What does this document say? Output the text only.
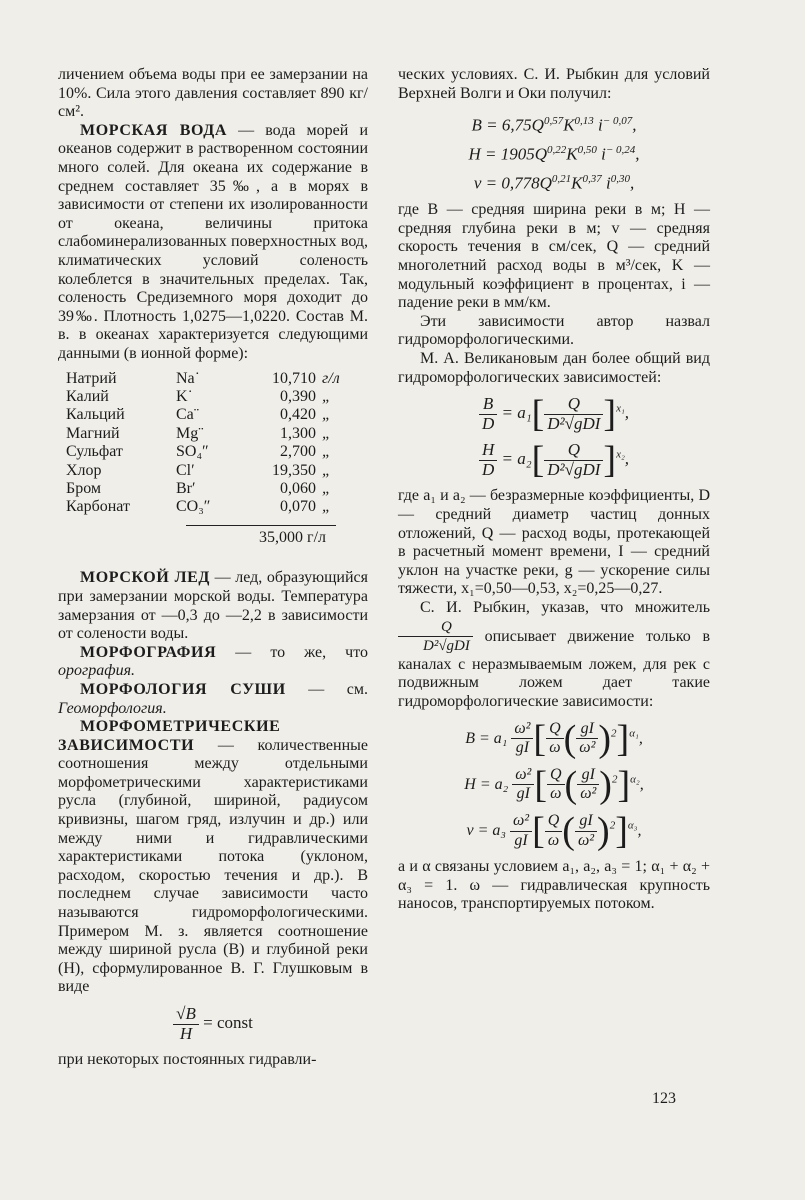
личением объема воды при ее замерзании на 10%. Сила этого давления составляет 890 кг/см².

МОРСКАЯ ВОДА — вода морей и океанов содержит в растворенном состоянии много солей. Для океана их содержание в среднем составляет 35‰, а в морях в зависимости от степени их изолированности от океана, величины притока слабоминерализованных поверхностных вод, климатических условий соленость колеблется в значительных пределах. Так, соленость Средиземного моря доходит до 39‰. Плотность 1,0275—1,0220. Состав М. в. в океанах характеризуется следующими данными (в ионной форме):

Натрий	Na˙	10,710	г/л
Калий	K˙	0,390	„
Кальций	Ca¨	0,420	„
Магний	Mg¨	1,300	„
Сульфат	SO₄″	2,700	„
Хлор	Cl′	19,350	„
Бром	Br′	0,060	„
Карбонат	CO₃″	0,070	„
35,000 г/л

МОРСКОЙ ЛЕД — лед, образующийся при замерзании морской воды. Температура замерзания от —0,3 до —2,2 в зависимости от солености воды.

МОРФОГРАФИЯ — то же, что орография.

МОРФОЛОГИЯ СУШИ — см. Геоморфология.

МОРФОМЕТРИЧЕСКИЕ ЗАВИСИМОСТИ — количественные соотношения между отдельными морфометрическими характеристиками русла (глубиной, шириной, радиусом кривизны, шагом гряд, излучин и др.) или между ними и гидравлическими характеристиками потока (уклоном, расходом, скоростью течения и др.). В последнем случае зависимости часто называются гидроморфологическими. Примером М. з. является соотношение между шириной русла (B) и глубиной реки (H), сформулированное В. Г. Глушковым в виде

$\frac{√B}{H}$ = const

при некоторых постоянных гидравли-

ческих условиях. С. И. Рыбкин для условий Верхней Волги и Оки получил:

$B = 6,75Q^{0,57}K^{0,13}$ $i^{- 0,07}$,
$H = 1905Q^{0,22}K^{0,50}$ $i^{- 0,24}$,
$v = 0,778Q^{0,21}K^{0,37}$ $i^{0,30}$,

где B — средняя ширина реки в м; H — средняя глубина реки в м; v — средняя скорость течения в см/сек, Q — средний многолетний расход воды в м³/сек, K — модульный коэффициент в процентах, i — падение реки в мм/км.

Эти зависимости автор назвал гидроморфологическими.

М. А. Великановым дан более общий вид гидроморфологических зависимостей:

$\frac{B}{D} = a_1[ \frac{Q}{\text{D²√gDI}} ]^{x_1}$,
$\frac{H}{D} = a_2[ \frac{Q}{\text{D²√gDI}} ]^{x_2}$,

где a₁ и a₂ — безразмерные коэффициенты, D — средний диаметр частиц донных отложений, Q — расход воды, протекающей в расчетный момент времени, I — средний уклон на участке реки, g — ускорение силы тяжести, x₁=0,50—0,53, x₂=0,25—0,27.

С. И. Рыбкин, указав, что множитель
$\frac{Q}{\text{D²√gDI}}$ описывает движение только в каналах с неразмываемым ложем, для рек с подвижным ложем дает такие гидроморфологические зависимости:

$B = a_1 \frac{\text{ω²}}{gI}$ [ $\frac{Q}{\omega}$ ( $\frac{gI}{\text{ω²}} )^2]^{\alpha_1}$,
$H = a_2 \frac{\text{ω²}}{gI}$ [ $\frac{Q}{\omega}$ ( $\frac{gI}{\text{ω²}} )^2]^{\alpha_2}$,
$v = a_3 \frac{\text{ω²}}{gI}$ [ $\frac{Q}{\omega}$ ( $\frac{gI}{\text{ω²}} )^2]^{\alpha_3}$,

a и α связаны условием a₁, a₂, a₃ = 1; α₁ + α₂ + α₃ = 1. ω — гидравлическая крупность наносов, транспортируемых потоком.

123
